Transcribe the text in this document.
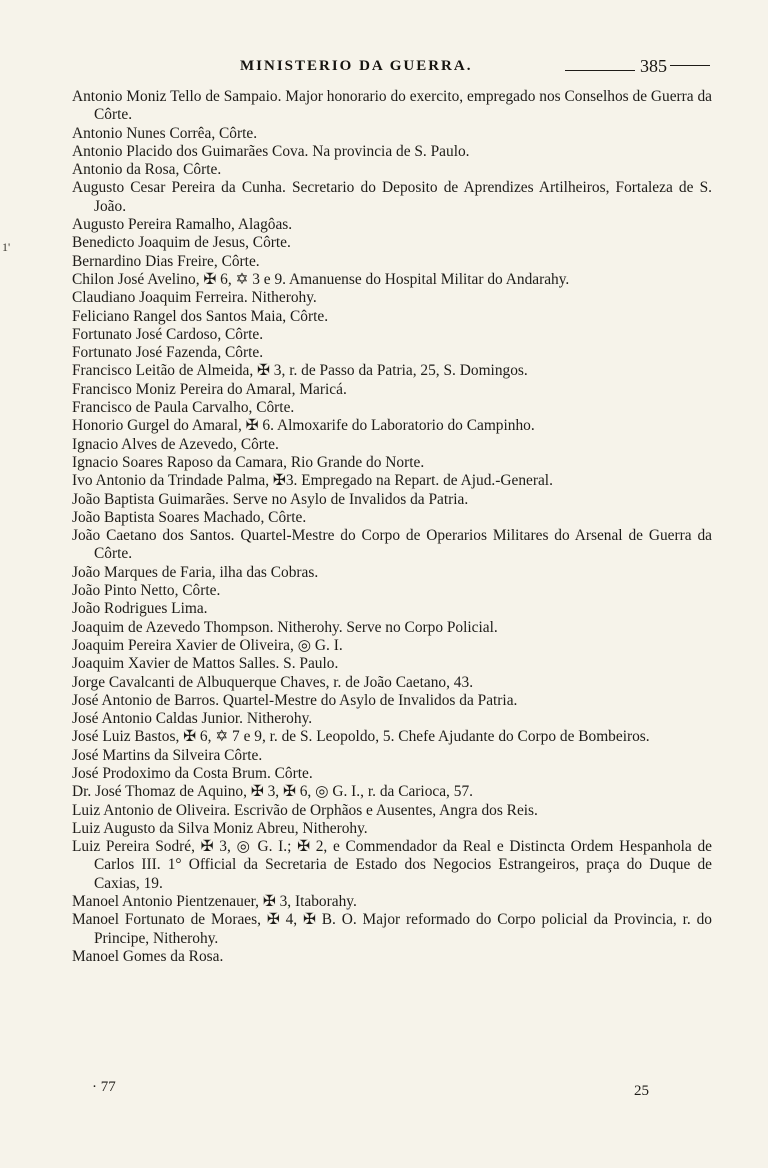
1'
MINISTERIO DA GUERRA.	385
Antonio Moniz Tello de Sampaio. Major honorario do exercito, empregado nos Conselhos de Guerra da Côrte.
Antonio Nunes Corrêa, Côrte.
Antonio Placido dos Guimarães Cova. Na provincia de S. Paulo.
Antonio da Rosa, Côrte.
Augusto Cesar Pereira da Cunha. Secretario do Deposito de Aprendizes Artilheiros, Fortaleza de S. João.
Augusto Pereira Ramalho, Alagôas.
Benedicto Joaquim de Jesus, Côrte.
Bernardino Dias Freire, Côrte.
Chilon José Avelino, ✠ 6, ✡ 3 e 9. Amanuense do Hospital Militar do Andarahy.
Claudiano Joaquim Ferreira. Nitherohy.
Feliciano Rangel dos Santos Maia, Côrte.
Fortunato José Cardoso, Côrte.
Fortunato José Fazenda, Côrte.
Francisco Leitão de Almeida, ✠ 3, r. de Passo da Patria, 25, S. Domingos.
Francisco Moniz Pereira do Amaral, Maricá.
Francisco de Paula Carvalho, Côrte.
Honorio Gurgel do Amaral, ✠ 6. Almoxarife do Laboratorio do Campinho.
Ignacio Alves de Azevedo, Côrte.
Ignacio Soares Raposo da Camara, Rio Grande do Norte.
Ivo Antonio da Trindade Palma, ✠3. Empregado na Repart. de Ajud.-General.
João Baptista Guimarães. Serve no Asylo de Invalidos da Patria.
João Baptista Soares Machado, Côrte.
João Caetano dos Santos. Quartel-Mestre do Corpo de Operarios Militares do Arsenal de Guerra da Côrte.
João Marques de Faria, ilha das Cobras.
João Pinto Netto, Côrte.
João Rodrigues Lima.
Joaquim de Azevedo Thompson. Nitherohy. Serve no Corpo Policial.
Joaquim Pereira Xavier de Oliveira, ◎ G. I.
Joaquim Xavier de Mattos Salles. S. Paulo.
Jorge Cavalcanti de Albuquerque Chaves, r. de João Caetano, 43.
José Antonio de Barros. Quartel-Mestre do Asylo de Invalidos da Patria.
José Antonio Caldas Junior. Nitherohy.
José Luiz Bastos, ✠ 6, ✡ 7 e 9, r. de S. Leopoldo, 5. Chefe Ajudante do Corpo de Bombeiros.
José Martins da Silveira Côrte.
José Prodoximo da Costa Brum. Côrte.
Dr. José Thomaz de Aquino, ✠ 3, ✠ 6, ◎ G. I., r. da Carioca, 57.
Luiz Antonio de Oliveira. Escrivão de Orphãos e Ausentes, Angra dos Reis.
Luiz Augusto da Silva Moniz Abreu, Nitherohy.
Luiz Pereira Sodré, ✠ 3, ◎ G. I.; ✠ 2, e Commendador da Real e Distincta Ordem Hespanhola de Carlos III. 1° Official da Secretaria de Estado dos Negocios Estrangeiros, praça do Duque de Caxias, 19.
Manoel Antonio Pientzenauer, ✠ 3, Itaborahy.
Manoel Fortunato de Moraes, ✠ 4, ✠ B. O. Major reformado do Corpo policial da Provincia, r. do Principe, Nitherohy.
Manoel Gomes da Rosa.
· 77	25
